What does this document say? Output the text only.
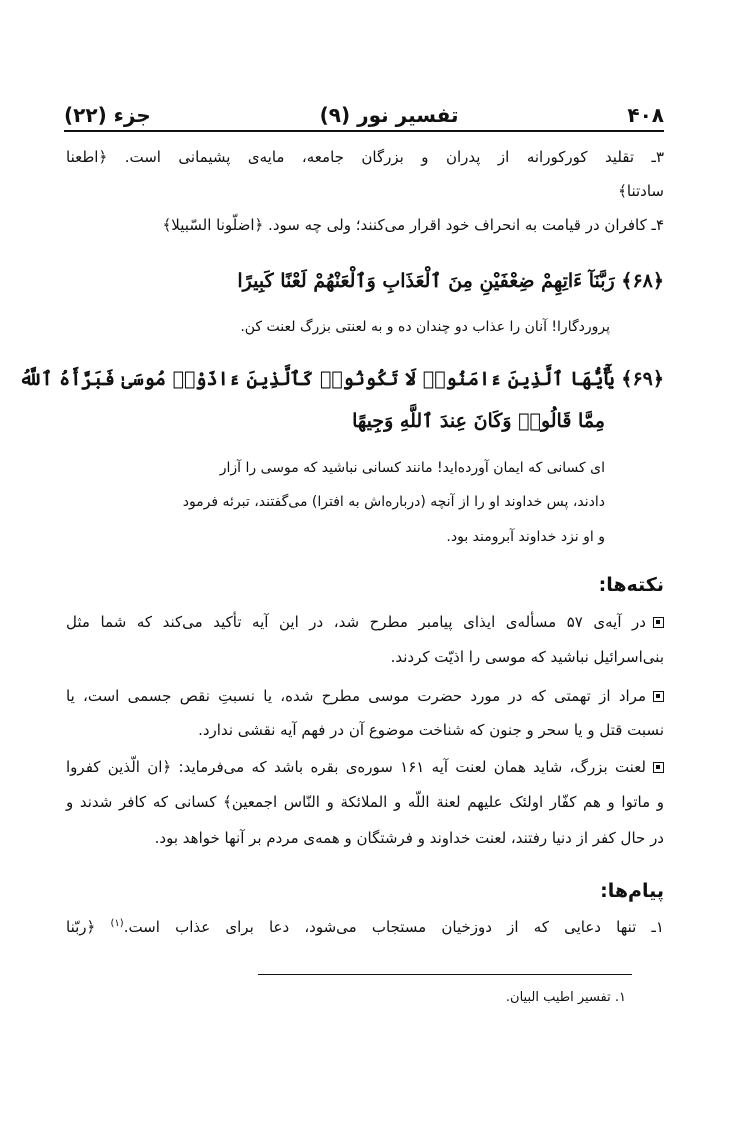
۴۰۸
تفسیر نور (۹)
جزء (۲۲)
۳ـ تقلید کورکورانه از پدران و بزرگان جامعه، مایه‌ی پشیمانی است. ﴿اطعنا
سادتنا﴾
۴ـ کافران در قیامت به انحراف خود اقرار می‌کنند؛ ولی چه سود. ﴿اضلّونا السّبیلا﴾
﴿۶۸﴾ رَبَّنَآ ءَاتِهِمْ ضِعْفَيْنِ مِنَ ٱلْعَذَابِ وَٱلْعَنْهُمْ لَعْنًا كَبِيرًا
پروردگارا! آنان را عذاب دو چندان ده و به لعنتی بزرگ لعنت کن.
﴿۶۹﴾ يَٰٓأَيُّهَا ٱلَّذِينَ ءَامَنُوا۟ لَا تَكُونُوا۟ كَٱلَّذِينَ ءَاذَوْا۟ مُوسَىٰ فَبَرَّأَهُ ٱللَّهُ
مِمَّا قَالُوا۟ وَكَانَ عِندَ ٱللَّهِ وَجِيهًا
ای کسانی که ایمان آورده‌اید! مانند کسانی نباشید که موسی را آزار
دادند، پس خداوند او را از آنچه (درباره‌اش به افترا) می‌گفتند، تبرئه فرمود
و او نزد خداوند آبرومند بود.
نکته‌ها:
در آیه‌ی ۵۷ مسأله‌ی ایذای پیامبر مطرح شد، در این آیه تأکید می‌کند که شما مثل
بنی‌اسرائیل نباشید که موسی را اذیّت کردند.
مراد از تهمتی که در مورد حضرت موسی مطرح شده، یا نسبتِ نقص جسمی است، یا
نسبت قتل و یا سحر و جنون که شناخت موضوع آن در فهم آیه نقشی ندارد.
لعنت بزرگ، شاید همان لعنت آیه ۱۶۱ سوره‌ی بقره باشد که می‌فرماید: ﴿ان الّذین کفروا
و ماتوا و هم کفّار اولئک علیهم لعنة اللّه و الملائکة و النّاس اجمعین﴾ کسانی که کافر شدند و
در حال کفر از دنیا رفتند، لعنت خداوند و فرشتگان و همه‌ی مردم بر آنها خواهد بود.
پیام‌ها:
۱ـ تنها دعایی که از دوزخیان مستجاب می‌شود، دعا برای عذاب است.$^{(۱)}$ ﴿ربّنا
۱. تفسیر اطیب البیان.
